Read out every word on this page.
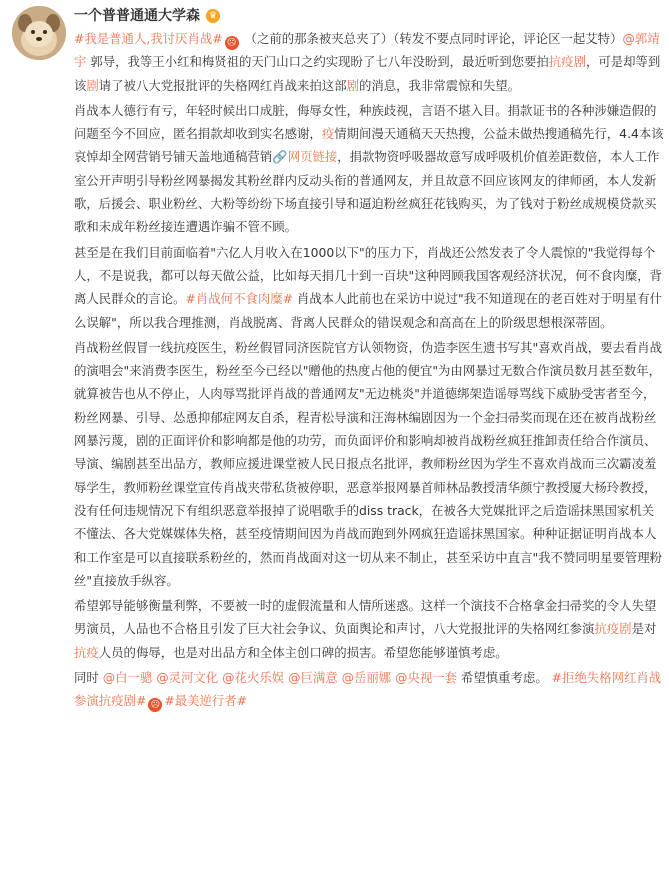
一个普普通通大学森 ♛

#我是普通人,我讨厌肖战# ☹ （之前的那条被夹总夹了）（转发不要点同时评论，评论区一起艾特）@郭靖宇 郭导，我等王小红和梅贤祖的天门山口之约实现盼了七八年没盼到，最近听到您要拍抗疫剧，可是却等到该剧请了被八大党报批评的失格网红肖战来拍这部剧的消息，我非常震惊和失望。

肖战本人德行有亏，年轻时候出口成脏，侮辱女性，种族歧视，言语不堪入目。捐款证书的各种涉嫌造假的问题至今不回应，匿名捐款却收到实名感谢，疫情期间漫天通稿天天热搜，公益未做热搜通稿先行，4.4本该哀悼却全网营销号铺天盖地通稿营销🔗网页链接，捐款物资呼吸器故意写成呼吸机价值差距数倍，本人工作室公开声明引导粉丝网暴揭发其粉丝群内反动头衔的普通网友，并且故意不回应该网友的律师函，本人发新歌，后援会、职业粉丝、大粉等纷纷下场直接引导和逼迫粉丝疯狂花钱购买，为了钱对于粉丝成规模贷款买歌和未成年粉丝接连遭遇诈骗不管不顾。

甚至是在我们目前面临着"六亿人月收入在1000以下"的压力下，肖战还公然发表了令人震惊的"我觉得每个人，不是说我，都可以每天做公益，比如每天捐几十到一百块"这种罔顾我国客观经济状况，何不食肉糜，背离人民群众的言论。#肖战何不食肉糜# 肖战本人此前也在采访中说过"我不知道现在的老百姓对于明星有什么误解"，所以我合理推测，肖战脱离、背离人民群众的错误观念和高高在上的阶级思想根深蒂固。

肖战粉丝假冒一线抗疫医生，粉丝假冒同济医院官方认领物资，伪造李医生遗书写其"喜欢肖战，要去看肖战的演唱会"来消费李医生，粉丝至今已经以"赠他的热度占他的便宜"为由网暴过无数合作演员数月甚至数年，就算被告也从不停止，人肉辱骂批评肖战的普通网友"无边桃炎"并道德绑架造谣辱骂线下威胁受害者至今，粉丝网暴、引导、怂恿抑郁症网友自杀，程青松导演和汪海林编剧因为一个金扫帚奖而现在还在被肖战粉丝网暴污蔑，剧的正面评价和影响都是他的功劳，而负面评价和影响却被肖战粉丝疯狂推卸责任给合作演员、导演、编剧甚至出品方，教师应援进课堂被人民日报点名批评，教师粉丝因为学生不喜欢肖战而三次霸凌羞辱学生，教师粉丝课堂宣传肖战夹带私货被停职，恶意举报网暴首师林品教授清华颜宁教授厦大杨玲教授，没有任何违规情况下有组织恶意举报掉了说唱歌手的diss track，在被各大党媒批评之后造谣抹黑国家机关不懂法、各大党媒媒体失格，甚至疫情期间因为肖战而跑到外网疯狂造谣抹黑国家。种种证据证明肖战本人和工作室是可以直接联系粉丝的，然而肖战面对这一切从来不制止，甚至采访中直言"我不赞同明星要管理粉丝"直接放手纵容。

希望郭导能够衡量利弊，不要被一时的虚假流量和人情所迷惑。这样一个演技不合格拿金扫帚奖的令人失望男演员，人品也不合格且引发了巨大社会争议、负面舆论和声讨，八大党报批评的失格网红参演抗疫剧是对抗疫人员的侮辱，也是对出品方和全体主创口碑的损害。希望您能够谨慎考虑。

同时 @白一骢 @灵河文化 @花火乐娱 @巨满意 @岳丽娜 @央视一套 希望慎重考虑。 #拒绝失格网红肖战参演抗疫剧# ☹ #最美逆行者#
